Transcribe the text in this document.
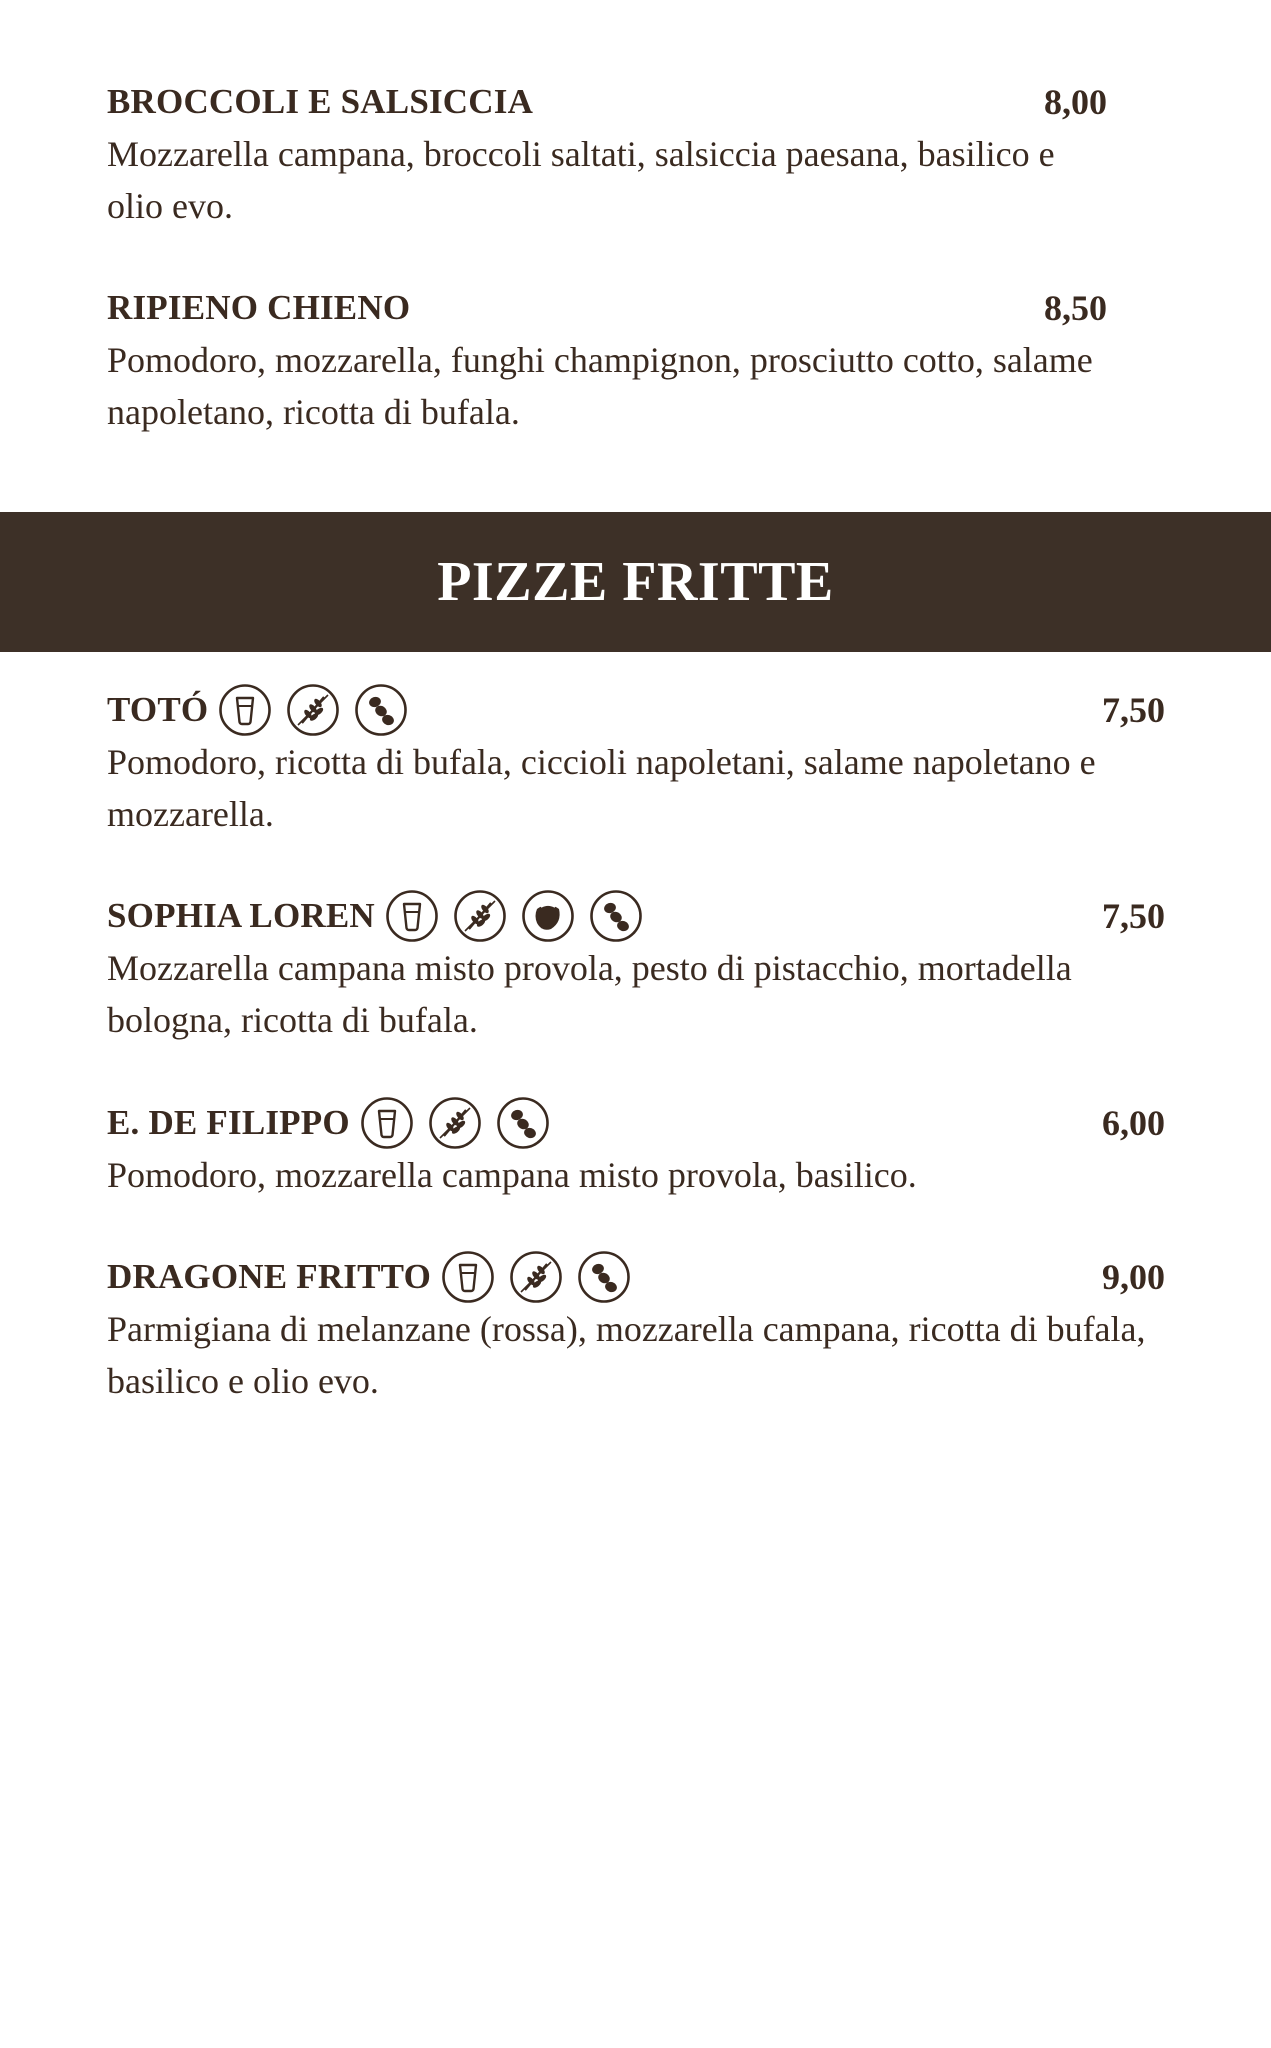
BROCCOLI E SALSICCIA	8,00
Mozzarella campana, broccoli saltati, salsiccia paesana, basilico e olio evo.
RIPIENO CHIENO	8,50
Pomodoro, mozzarella, funghi champignon, prosciutto cotto, salame napoletano, ricotta di bufala.
PIZZE FRITTE
TOTÓ	7,50
Pomodoro, ricotta di bufala, ciccioli napoletani, salame napoletano e mozzarella.
SOPHIA LOREN	7,50
Mozzarella campana misto provola, pesto di pistacchio, mortadella bologna, ricotta di bufala.
E. DE FILIPPO	6,00
Pomodoro, mozzarella campana misto provola, basilico.
DRAGONE FRITTO	9,00
Parmigiana di melanzane (rossa), mozzarella campana, ricotta di bufala, basilico e olio evo.
